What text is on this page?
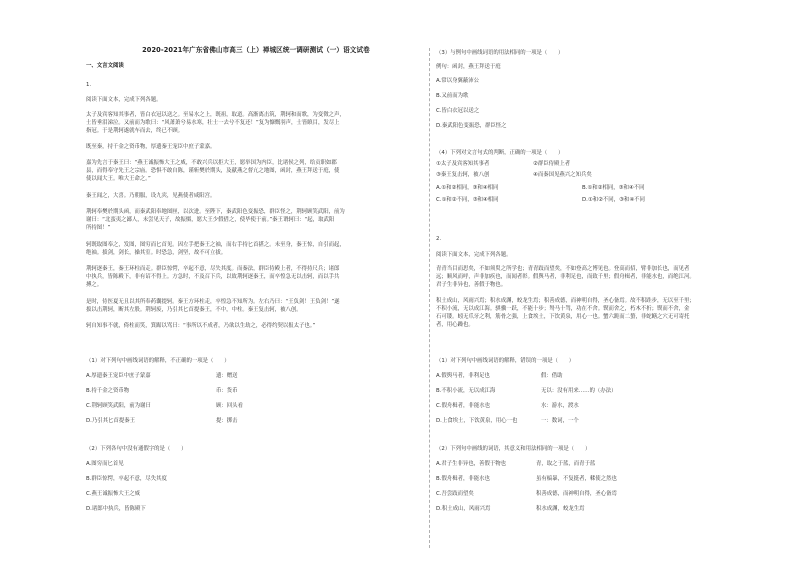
2020-2021年广东省佛山市高三（上）禅城区统一调研测试（一）语文试卷
一、文言文阅读
1.
阅读下面文本，完成下列各题。
太子及宾客知其事者，皆白衣冠以送之。至易水之上，既祖，取道。高渐离击筑，荆轲和而歌，为变徵之声，
士皆垂泪涕泣。又前而为歌曰：“风萧萧兮易水寒，壮士一去兮不复还！”复为慷慨羽声，士皆瞋目，发尽上
指冠。于是荆轲遂就车而去，终已不顾。
既至秦，持千金之资币物，厚遗秦王宠臣中庶子蒙嘉。
嘉为先言于秦王曰：“燕王诚振怖大王之威，不敢兴兵以拒大王，愿举国为内臣，比诸侯之列，给贡职如郡
县，而得奉守先王之宗庙。恐惧不敢自陈，谨斩樊於期头，及献燕之督亢之地图，函封，燕王拜送于庭，使
使以闻大王。唯大王命之。”
秦王闻之，大喜。乃朝服，设九宾，见燕使者咸阳宫。
荆轲奉樊於期头函，而秦武阳奉地图匣，以次进。至陛下，秦武阳色变振恐，群臣怪之，荆轲顾笑武阳，前为
谢曰：“北蛮夷之鄙人，未尝见天子，故振慑，愿大王少假借之，使毕使于前。”秦王谓轲曰：“起，取武阳
所持图！”
轲既取图奉之，发图，图穷而匕首见。因左手把秦王之袖，而右手持匕首揕之。未至身，秦王惊，自引而起，
绝袖。拔剑，剑长，操其室。时恐急，剑坚，故不可立拔。
荆轲逐秦王，秦王环柱而走。群臣惊愕，卒起不意，尽失其度。而秦法，群臣侍殿上者，不得持尺兵；诸郎
中执兵，皆陈殿下，非有诏不得上。方急时，不及召下兵，以故荆轲逐秦王，而卒惶急无以击轲，而以手共
搏之。
是时，侍医夏无且以其所奉药囊提轲。秦王方环柱走，卒惶急不知所为。左右乃曰：“王负剑！王负剑！”遂
拔以击荆轲，断其左股。荆轲废，乃引其匕首提秦王，不中，中柱。秦王复击轲，被八创。
轲自知事不就，倚柱而笑，箕踞以骂曰：“事所以不成者，乃欲以生劫之，必得约契以报太子也。”
（1）对下列句中画线词语的解释，不正确的一项是（　　）
A.厚遗秦王宠臣中庶子蒙嘉	遗：赠送
B.持千金之资币物	币：货币
C.荆轲顾笑武阳，前为谢曰	顾：回头看
D.乃引其匕首提秦王	提：掷击
（2）下列各句中没有通假字的是（　　）
A.图穷而匕首见
B.群臣惊愕，卒起不意，尽失其度
C.燕王诚振怖大王之威
D.诸郎中执兵，皆陈殿下
（3）与例句中画线词语的用法相同的一项是（　　）
例句：函封，燕王拜送于庭
A.常以身翼蔽沛公
B.又前而为歌
C.皆白衣冠以送之
D.秦武阳色变振恐，群臣怪之
（4）下列对文言句式的判断，正确的一项是（　　）
①太子及宾客知其事者	②群臣侍殿上者
③秦王复击轲，被八创	④而秦国见燕兴之知兵矣
A.①和②相同，③和④相同	B.①和②相同，③和④不同
C.①和②不同，③和④相同	D.①和②不同，③和④不同
2.
阅读下面文本，完成下列各题。
青青当目而思矣，不如须臾之所学也；青青跂而望矣，不如登高之博见也。登高而招，臂非加长也，而见者
远；顺风而呼，声非加疾也，而闻者彰。假舆马者，非利足也，而致千里；假舟楫者，非能水也，而绝江河。
君子生非异也，善假于物也。
积土成山，风雨兴焉；积水成渊，蛟龙生焉；积善成德，而神明自得，圣心备焉。故不积跬步，无以至千里；
不积小流，无以成江海。骐骥一跃，不能十步；驽马十驾，功在不舍。锲而舍之，朽木不折；锲而不舍，金
石可镂。蚓无爪牙之利，筋骨之强，上食埃土，下饮黄泉，用心一也。蟹六跪而二螯，非蛇鳝之穴无可寄托
者，用心躁也。
（1）对下列句中画线词语的解释，错误的一项是（　　）
A.假舆马者，非利足也	假：借助
B.不积小流，无以成江海	无以：没有用来……的（办法）
C.假舟楫者，非能水也	水：游水，渡水
D.上食埃土，下饮黄泉，用心一也	一：数词，一个
（2）下列句中画线的词语，其意义和用法相同的一项是（　　）
A.君子生非异也，善假于物也	青，取之于蓝，而青于蓝
B.假舟楫者，非能水也	虽有槁暴，不复挺者，輮使之然也
C.吾尝跂而望矣	积善成德，而神明自得，圣心备焉
D.积土成山，风雨兴焉	积水成渊，蛟龙生焉
